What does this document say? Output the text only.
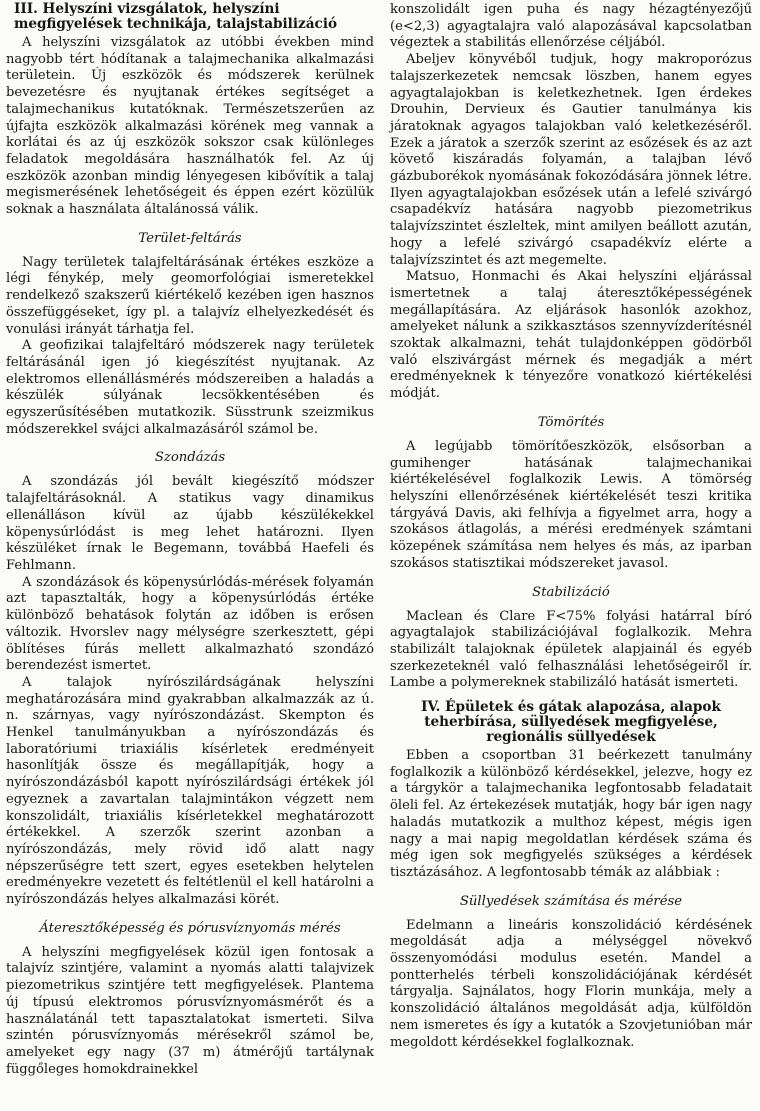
III. Helyszíni vizsgálatok, helyszíni megfigyelések technikája, talajstabilizáció

A helyszíni vizsgálatok az utóbbi években mind nagyobb tért hódítanak a talajmechanika alkalmazási területein. Új eszközök és módszerek kerülnek bevezetésre és nyujtanak értékes segítséget a talajmechanikus kutatóknak. Természetszerűen az újfajta eszközök alkalmazási körének meg vannak a korlátai és az új eszközök sokszor csak különleges feladatok megoldására használhatók fel. Az új eszközök azonban mindig lényegesen kibővítik a talaj megismerésének lehetőségeit és éppen ezért közülük soknak a használata általánossá válik.

Terület-feltárás

Nagy területek talajfeltárásának értékes eszköze a légi fénykép, mely geomorfológiai ismeretekkel rendelkező szakszerű kiértékelő kezében igen hasznos összefüggéseket, így pl. a talajvíz elhelyezkedését és vonulási irányát tárhatja fel.

A geofizikai talajfeltáró módszerek nagy területek feltárásánál igen jó kiegészítést nyujtanak. Az elektromos ellenállásmérés módszereiben a haladás a készülék súlyának lecsökkentésében és egyszerűsítésében mutatkozik. Süsstrunk szeizmikus módszerekkel svájci alkalmazásáról számol be.

Szondázás

A szondázás jól bevált kiegészítő módszer talajfeltárásoknál. A statikus vagy dinamikus ellenálláson kívül az újabb készülékekkel köpenysúrlódást is meg lehet határozni. Ilyen készüléket írnak le Begemann, továbbá Haefeli és Fehlmann.

A szondázások és köpenysúrlódás-mérések folyamán azt tapasztalták, hogy a köpenysúrlódás értéke különböző behatások folytán az időben is erősen változik. Hvorslev nagy mélységre szerkesztett, gépi öblítéses fúrás mellett alkalmazható szondázó berendezést ismertet.

A talajok nyírószilárdságának helyszíni meghatározására mind gyakrabban alkalmazzák az ú. n. szárnyas, vagy nyírószondázást. Skempton és Henkel tanulmányukban a nyírószondázás és laboratóriumi triaxiális kísérletek eredményeit hasonlítják össze és megállapítják, hogy a nyírószondázásból kapott nyírószilárdsági értékek jól egyeznek a zavartalan talajmintákon végzett nem konszolidált, triaxiális kísérletekkel meghatározott értékekkel. A szerzők szerint azonban a nyírószondázás, mely rövid idő alatt nagy népszerűségre tett szert, egyes esetekben helytelen eredményekre vezetett és feltétlenül el kell határolni a nyírószondázás helyes alkalmazási körét.

Áteresztőképesség és pórusvíznyomás mérés

A helyszíni megfigyelések közül igen fontosak a talajvíz szintjére, valamint a nyomás alatti talajvizek piezometrikus szintjére tett megfigyelések. Plantema új típusú elektromos pórusvíznyomásmérőt és a használatánál tett tapasztalatokat ismerteti. Silva szintén pórusvíznyomás mérésekről számol be, amelyeket egy nagy (37 m) átmérőjű tartálynak függőleges homokdrainekkel

konszolidált igen puha és nagy hézagtényezőjű (e<2,3) agyagtalajra való alapozásával kapcsolatban végeztek a stabilitás ellenőrzése céljából.

Abeljev könyvéből tudjuk, hogy makroporózus talajszerkezetek nemcsak löszben, hanem egyes agyagtalajokban is keletkezhetnek. Igen érdekes Drouhin, Dervieux és Gautier tanulmánya kis járatoknak agyagos talajokban való keletkezéséről. Ezek a járatok a szerzők szerint az esőzések és az azt követő kiszáradás folyamán, a talajban lévő gázbuborékok nyomásának fokozódására jönnek létre. Ilyen agyagtalajokban esőzések után a lefelé szivárgó csapadékvíz hatására nagyobb piezometrikus talajvízszintet észleltek, mint amilyen beállott azután, hogy a lefelé szivárgó csapadékvíz elérte a talajvízszintet és azt megemelte.

Matsuo, Honmachi és Akai helyszíni eljárással ismertetnek a talaj áteresztőképességének megállapítására. Az eljárások hasonlók azokhoz, amelyeket nálunk a szikkasztásos szennyvízderítésnél szoktak alkalmazni, tehát tulajdonképpen gödörből való elszivárgást mérnek és megadják a mért eredményeknek k tényezőre vonatkozó kiértékelési módját.

Tömörítés

A legújabb tömörítőeszközök, elsősorban a gumihenger hatásának talajmechanikai kiértékelésével foglalkozik Lewis. A tömörség helyszíni ellenőrzésének kiértékelését teszi kritika tárgyává Davis, aki felhívja a figyelmet arra, hogy a szokásos átlagolás, a mérési eredmények számtani közepének számítása nem helyes és más, az iparban szokásos statisztikai módszereket javasol.

Stabilizáció

Maclean és Clare F<75% folyási határral bíró agyagtalajok stabilizációjával foglalkozik. Mehra stabilizált talajoknak épületek alapjainál és egyéb szerkezeteknél való felhasználási lehetőségeiről ír. Lambe a polymereknek stabilizáló hatását ismerteti.

IV. Épületek és gátak alapozása, alapok teherbírása, süllyedések megfigyelése, regionális süllyedések

Ebben a csoportban 31 beérkezett tanulmány foglalkozik a különböző kérdésekkel, jelezve, hogy ez a tárgykör a talajmechanika legfontosabb feladatait öleli fel. Az értekezések mutatják, hogy bár igen nagy haladás mutatkozik a multhoz képest, mégis igen nagy a mai napig megoldatlan kérdések száma és még igen sok megfigyelés szükséges a kérdések tisztázásához. A legfontosabb témák az alábbiak :

Süllyedések számítása és mérése

Edelmann a lineáris konszolidáció kérdésének megoldását adja a mélységgel növekvő összenyomódási modulus esetén. Mandel a pontterhelés térbeli konszolidációjának kérdését tárgyalja. Sajnálatos, hogy Florin munkája, mely a konszolidáció általános megoldását adja, külföldön nem ismeretes és így a kutatók a Szovjetunióban már megoldott kérdésekkel foglalkoznak.
